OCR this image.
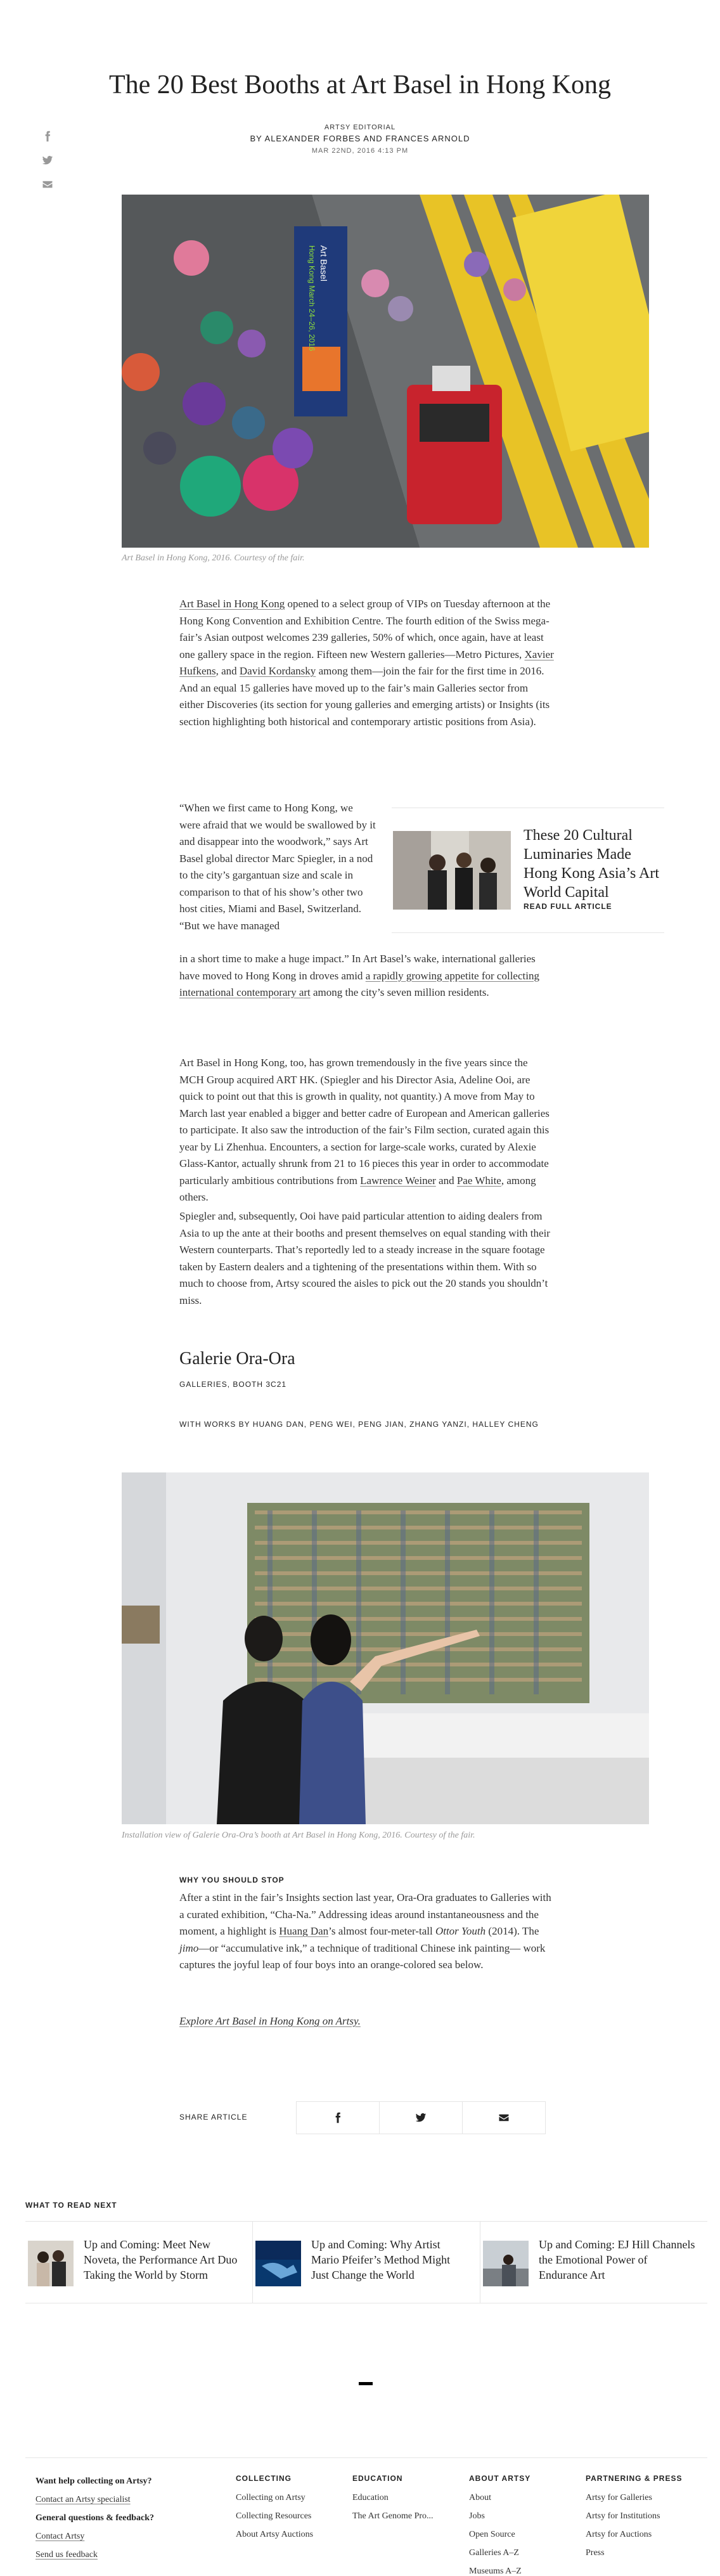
The 20 Best Booths at Art Basel in Hong Kong
ARTSY EDITORIAL
BY ALEXANDER FORBES AND FRANCES ARNOLD
MAR 22ND, 2016 4:13 PM
Art Basel
Hong Kong March 24–26, 2016
Art Basel in Hong Kong, 2016. Courtesy of the fair.

Art Basel in Hong Kong opened to a select group of VIPs on Tuesday afternoon at the Hong Kong Convention and Exhibition Centre. The fourth edition of the Swiss mega-fair’s Asian outpost welcomes 239 galleries, 50% of which, once again, have at least one gallery space in the region. Fifteen new Western galleries—Metro Pictures, Xavier Hufkens, and David Kordansky among them—join the fair for the first time in 2016. And an equal 15 galleries have moved up to the fair’s main Galleries sector from either Discoveries (its section for young galleries and emerging artists) or Insights (its section highlighting both historical and contemporary artistic positions from Asia).

“When we first came to Hong Kong, we were afraid that we would be swallowed by it and disappear into the woodwork,” says Art Basel global director Marc Spiegler, in a nod to the city’s gargantuan size and scale in comparison to that of his show’s other two host cities, Miami and Basel, Switzerland. “But we have managed

in a short time to make a huge impact.” In Art Basel’s wake, international galleries have moved to Hong Kong in droves amid a rapidly growing appetite for collecting international contemporary art among the city’s seven million residents.

These 20 Cultural Luminaries Made Hong Kong Asia’s Art World Capital
READ FULL ARTICLE

Art Basel in Hong Kong, too, has grown tremendously in the five years since the MCH Group acquired ART HK. (Spiegler and his Director Asia, Adeline Ooi, are quick to point out that this is growth in quality, not quantity.) A move from May to March last year enabled a bigger and better cadre of European and American galleries to participate. It also saw the introduction of the fair’s Film section, curated again this year by Li Zhenhua. Encounters, a section for large-scale works, curated by Alexie Glass-Kantor, actually shrunk from 21 to 16 pieces this year in order to accommodate particularly ambitious contributions from Lawrence Weiner and Pae White, among others.

Spiegler and, subsequently, Ooi have paid particular attention to aiding dealers from Asia to up the ante at their booths and present themselves on equal standing with their Western counterparts. That’s reportedly led to a steady increase in the square footage taken by Eastern dealers and a tightening of the presentations within them. With so much to choose from, Artsy scoured the aisles to pick out the 20 stands you shouldn’t miss.

Galerie Ora-Ora
GALLERIES, BOOTH 3C21
WITH WORKS BY HUANG DAN, PENG WEI, PENG JIAN, ZHANG YANZI, HALLEY CHENG
Installation view of Galerie Ora-Ora’s booth at Art Basel in Hong Kong, 2016. Courtesy of the fair.
WHY YOU SHOULD STOP

After a stint in the fair’s Insights section last year, Ora-Ora graduates to Galleries with a curated exhibition, “Cha-Na.” Addressing ideas around instantaneousness and the moment, a highlight is Huang Dan’s almost four-meter-tall Ottor Youth (2014). The jimo—or “accumulative ink,” a technique of traditional Chinese ink painting— work captures the joyful leap of four boys into an orange-colored sea below.

Explore Art Basel in Hong Kong on Artsy.

SHARE ARTICLE
WHAT TO READ NEXT
Up and Coming: Meet New Noveta, the Performance Art Duo Taking the World by Storm
Up and Coming: Why Artist Mario Pfeifer’s Method Might Just Change the World
Up and Coming: EJ Hill Channels the Emotional Power of Endurance Art
Want help collecting on Artsy?
Contact an Artsy specialist
General questions & feedback?
Contact Artsy
Send us feedback
COLLECTING
Collecting on Artsy
Collecting Resources
About Artsy Auctions
EDUCATION
Education
The Art Genome Pro...
ABOUT ARTSY
About
Jobs
Open Source
Galleries A–Z
Museums A–Z
PARTNERING & PRESS
Artsy for Galleries
Artsy for Institutions
Artsy for Auctions
Press
